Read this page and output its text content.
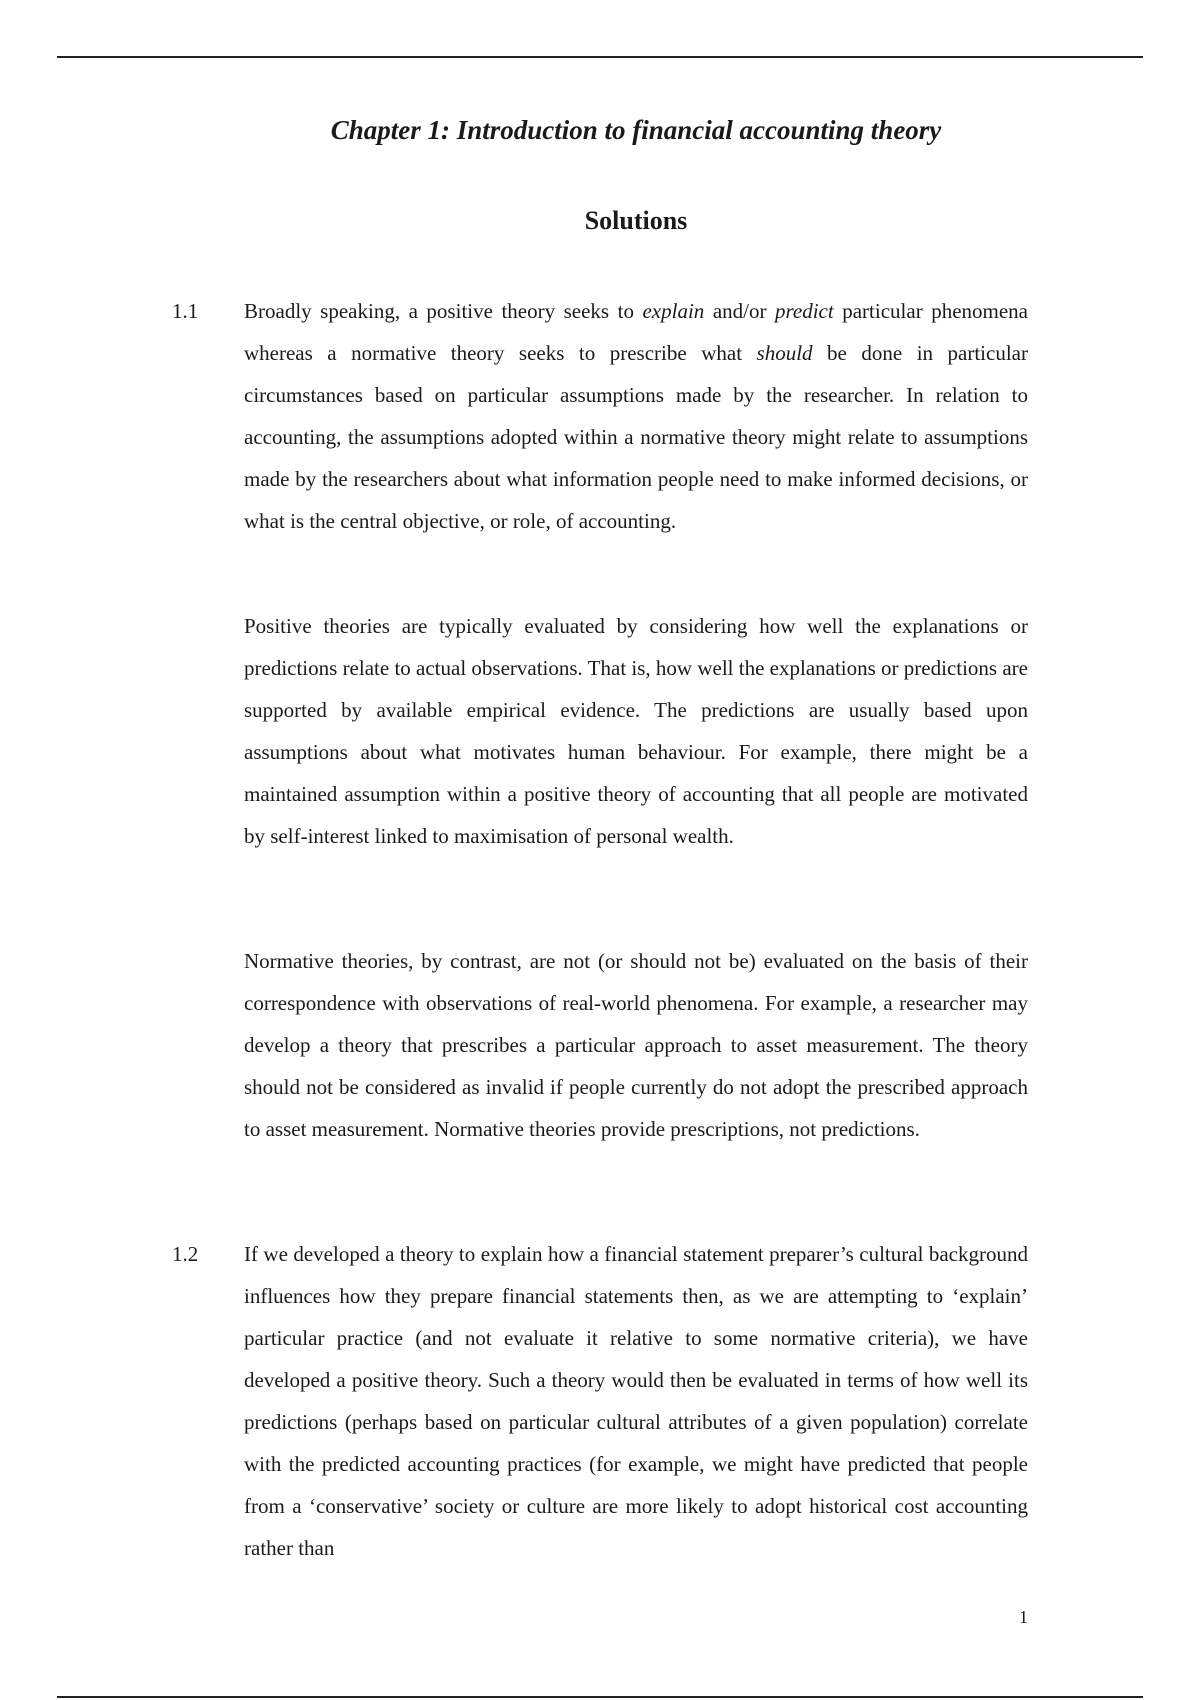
Chapter 1: Introduction to financial accounting theory
Solutions
1.1 Broadly speaking, a positive theory seeks to explain and/or predict particular phenomena whereas a normative theory seeks to prescribe what should be done in particular circumstances based on particular assumptions made by the researcher. In relation to accounting, the assumptions adopted within a normative theory might relate to assumptions made by the researchers about what information people need to make informed decisions, or what is the central objective, or role, of accounting.

Positive theories are typically evaluated by considering how well the explanations or predictions relate to actual observations. That is, how well the explanations or predictions are supported by available empirical evidence. The predictions are usually based upon assumptions about what motivates human behaviour. For example, there might be a maintained assumption within a positive theory of accounting that all people are motivated by self-interest linked to maximisation of personal wealth.

Normative theories, by contrast, are not (or should not be) evaluated on the basis of their correspondence with observations of real-world phenomena. For example, a researcher may develop a theory that prescribes a particular approach to asset measurement. The theory should not be considered as invalid if people currently do not adopt the prescribed approach to asset measurement. Normative theories provide prescriptions, not predictions.

1.2 If we developed a theory to explain how a financial statement preparer’s cultural background influences how they prepare financial statements then, as we are attempting to ‘explain’ particular practice (and not evaluate it relative to some normative criteria), we have developed a positive theory. Such a theory would then be evaluated in terms of how well its predictions (perhaps based on particular cultural attributes of a given population) correlate with the predicted accounting practices (for example, we might have predicted that people from a ‘conservative’ society or culture are more likely to adopt historical cost accounting rather than

1
